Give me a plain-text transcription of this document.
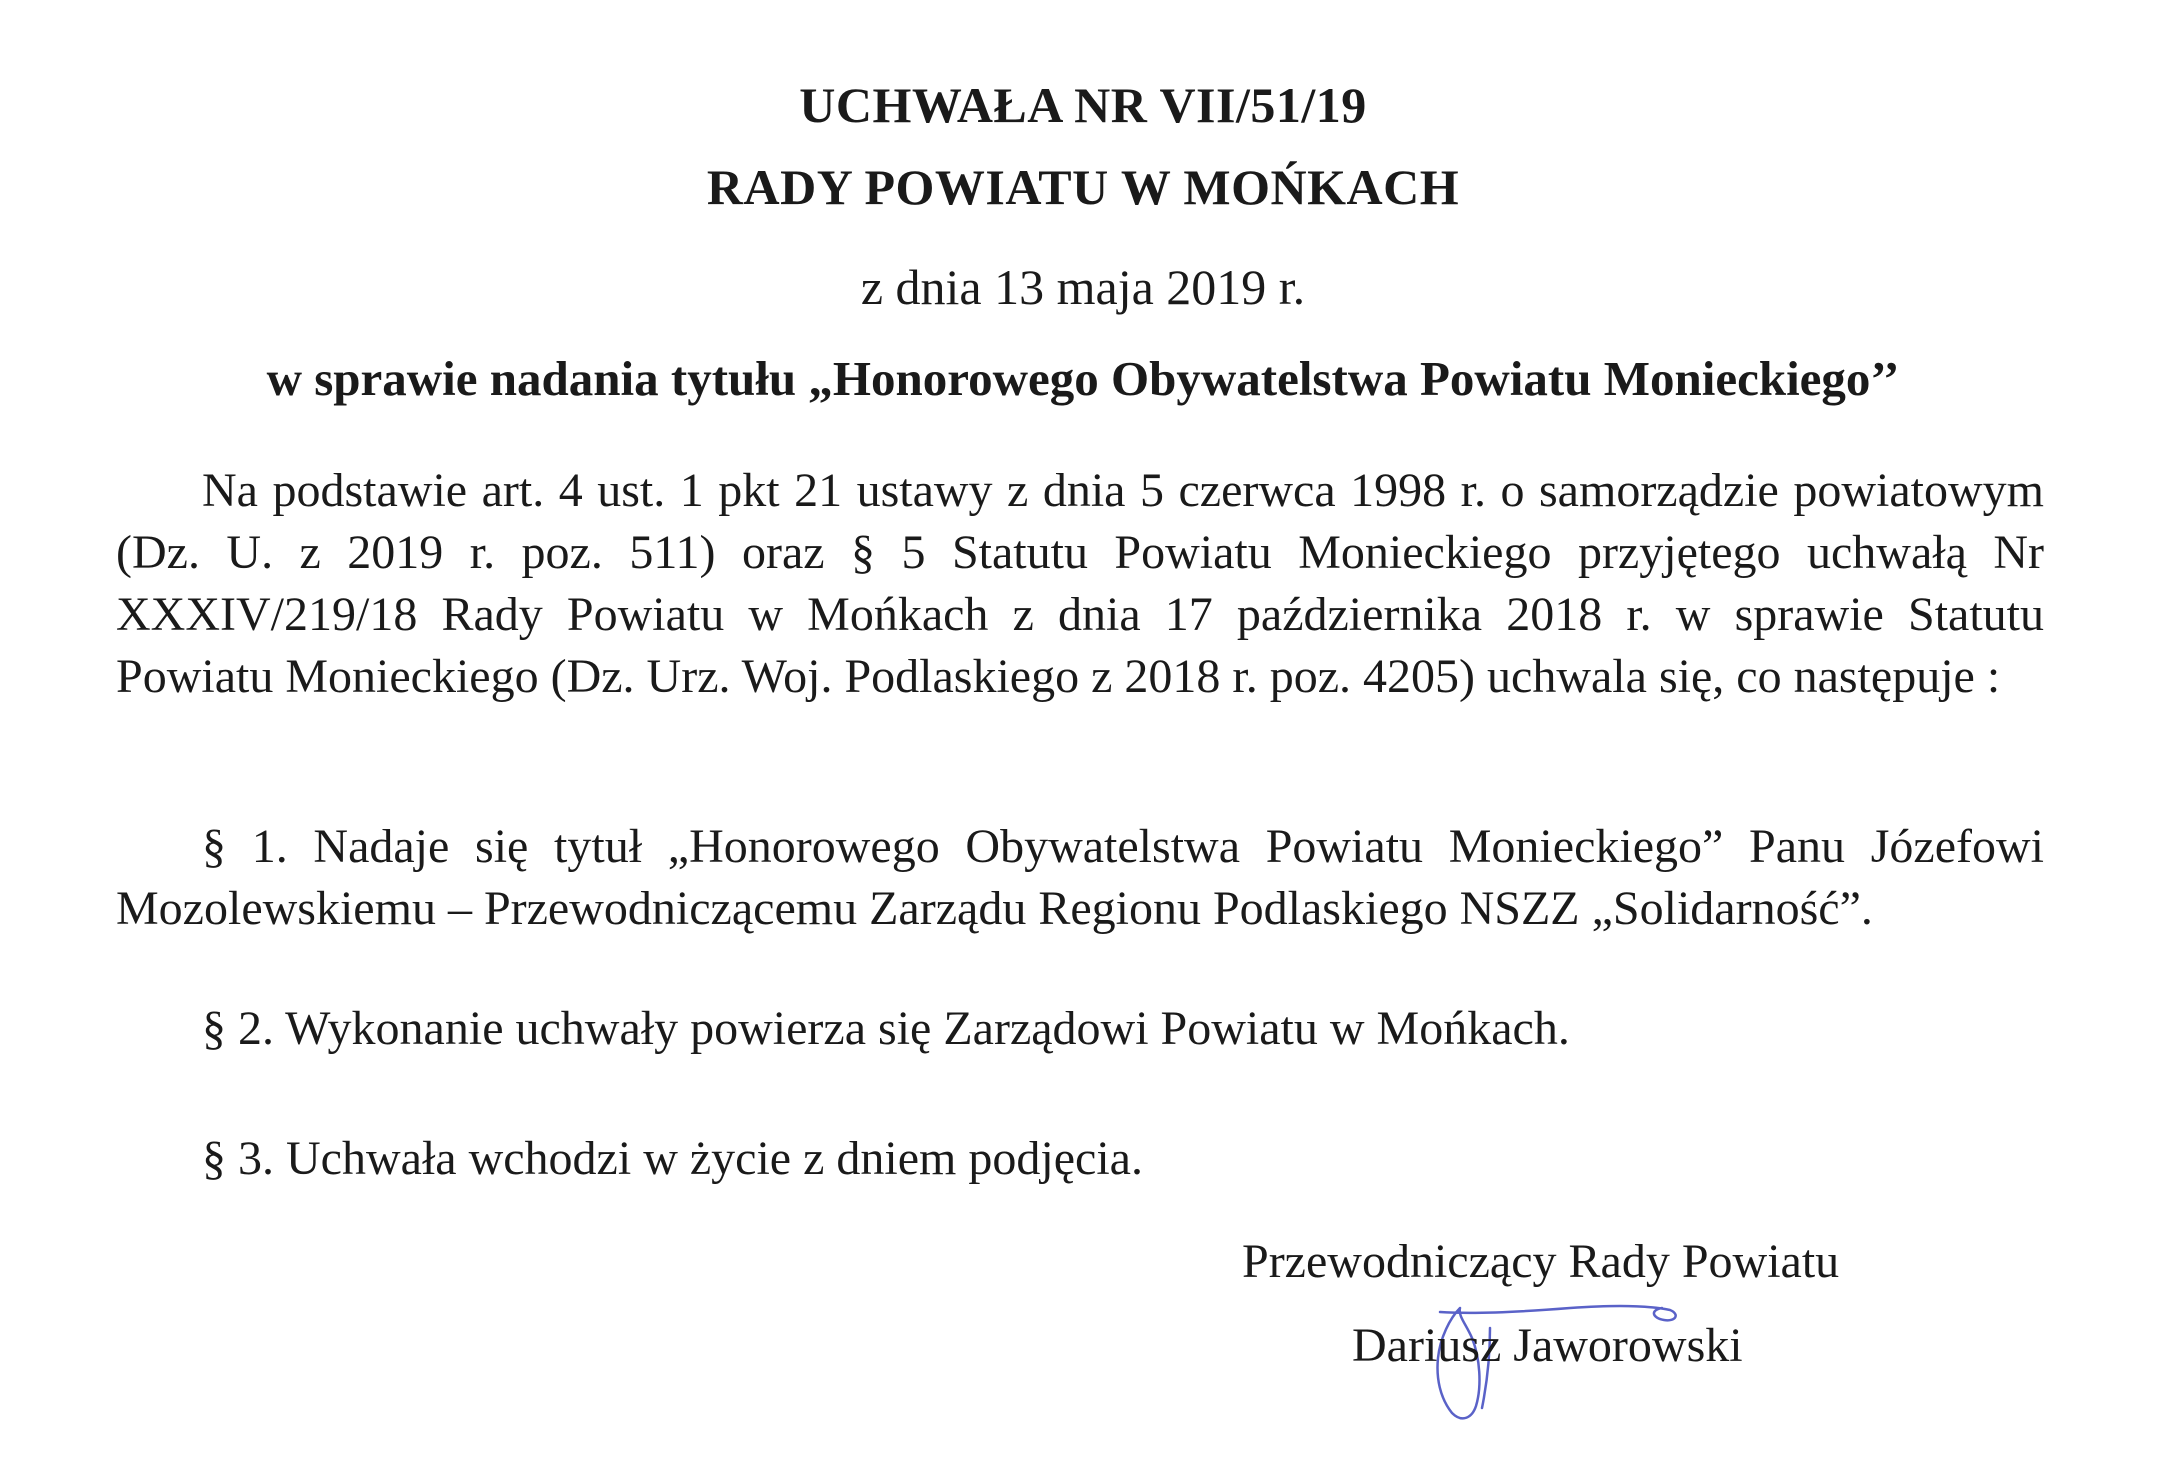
UCHWAŁA NR VII/51/19

RADY POWIATU W MOŃKACH

z dnia 13 maja 2019 r.

w sprawie nadania tytułu „Honorowego Obywatelstwa Powiatu Monieckiego’’

Na podstawie art. 4 ust. 1 pkt 21 ustawy z dnia 5 czerwca 1998 r. o samorządzie powiatowym (Dz. U. z 2019 r. poz. 511) oraz § 5 Statutu Powiatu Monieckiego przyjętego uchwałą Nr XXXIV/219/18 Rady Powiatu w Mońkach z dnia 17 października 2018 r. w sprawie Statutu Powiatu Monieckiego (Dz. Urz. Woj. Podlaskiego z 2018 r. poz. 4205) uchwala się, co następuje :

§ 1. Nadaje się tytuł „Honorowego Obywatelstwa Powiatu Monieckiego” Panu Józefowi Mozolewskiemu – Przewodniczącemu Zarządu Regionu Podlaskiego NSZZ „Solidarność”.

§ 2. Wykonanie uchwały powierza się Zarządowi Powiatu w Mońkach.

§ 3. Uchwała wchodzi w życie z dniem podjęcia.

Przewodniczący Rady Powiatu

Dariusz Jaworowski
